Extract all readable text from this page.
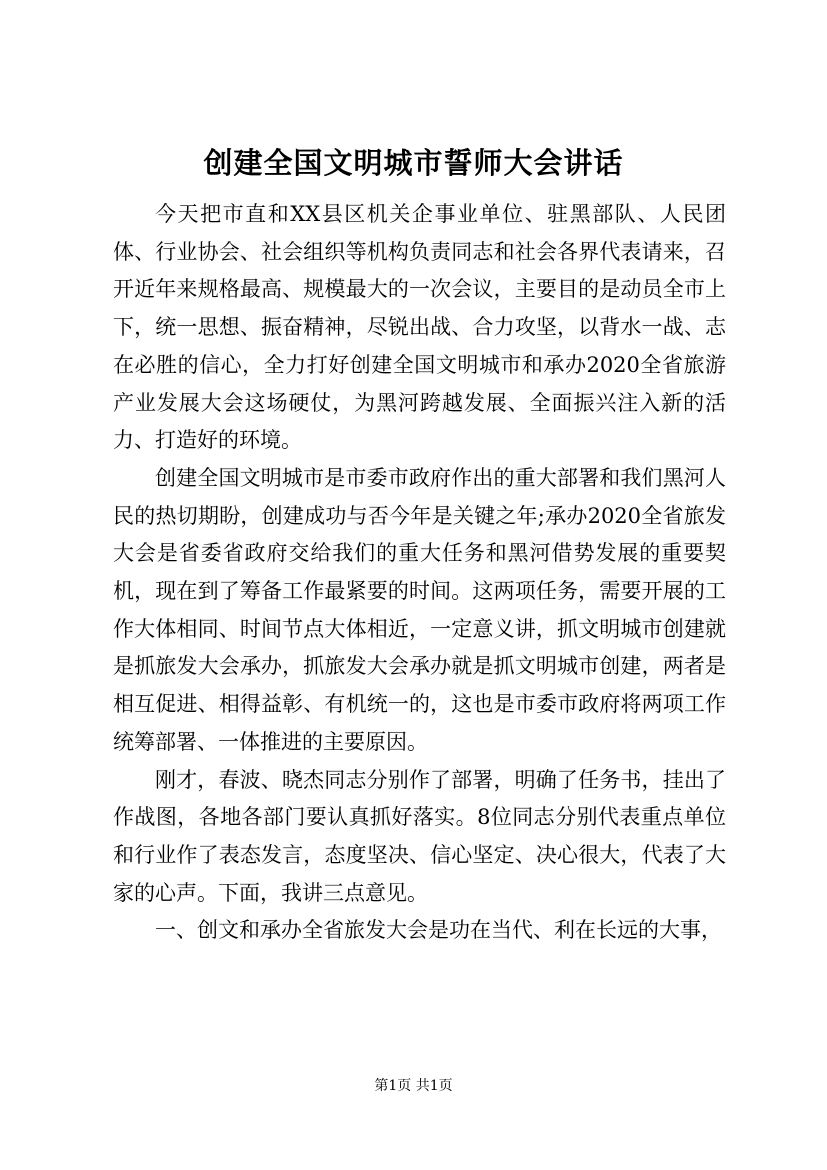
创建全国文明城市誓师大会讲话

今天把市直和XX县区机关企事业单位、驻黑部队、人民团体、行业协会、社会组织等机构负责同志和社会各界代表请来，召开近年来规格最高、规模最大的一次会议，主要目的是动员全市上下，统一思想、振奋精神，尽锐出战、合力攻坚，以背水一战、志在必胜的信心，全力打好创建全国文明城市和承办2020全省旅游产业发展大会这场硬仗，为黑河跨越发展、全面振兴注入新的活力、打造好的环境。

创建全国文明城市是市委市政府作出的重大部署和我们黑河人民的热切期盼，创建成功与否今年是关键之年;承办2020全省旅发大会是省委省政府交给我们的重大任务和黑河借势发展的重要契机，现在到了筹备工作最紧要的时间。这两项任务，需要开展的工作大体相同、时间节点大体相近，一定意义讲，抓文明城市创建就是抓旅发大会承办，抓旅发大会承办就是抓文明城市创建，两者是相互促进、相得益彰、有机统一的，这也是市委市政府将两项工作统筹部署、一体推进的主要原因。

刚才，春波、晓杰同志分别作了部署，明确了任务书，挂出了作战图，各地各部门要认真抓好落实。8位同志分别代表重点单位和行业作了表态发言，态度坚决、信心坚定、决心很大，代表了大家的心声。下面，我讲三点意见。

一、创文和承办全省旅发大会是功在当代、利在长远的大事，

第1页 共1页
